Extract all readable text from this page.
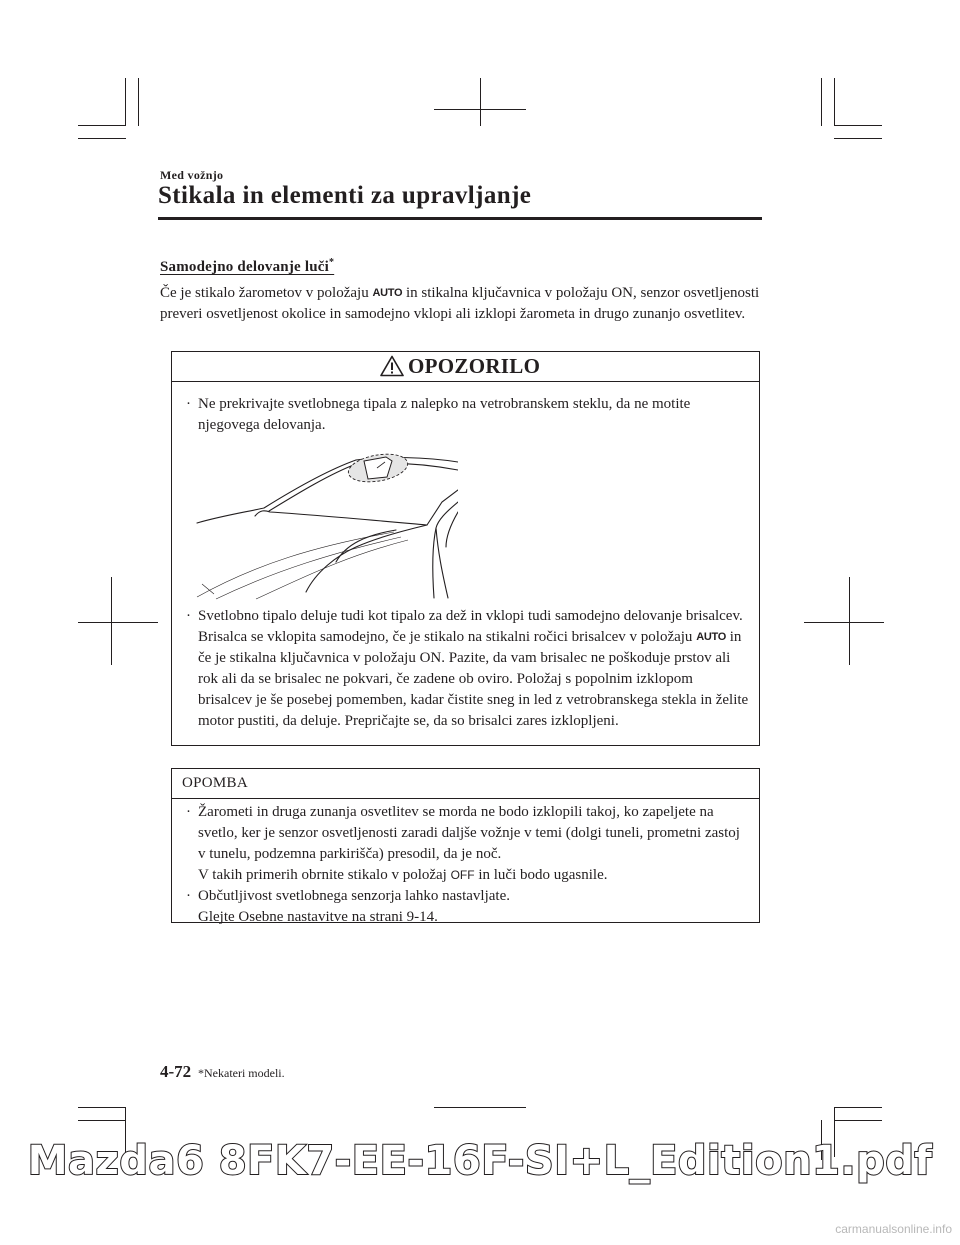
Med vožnjo
Stikala in elementi za upravljanje
Samodejno delovanje luči*
Če je stikalo žarometov v položaju AUTO in stikalna ključavnica v položaju ON, senzor osvetljenosti preveri osvetljenost okolice in samodejno vklopi ali izklopi žarometa in drugo zunanjo osvetlitev.
OPOZORILO
· Ne prekrivajte svetlobnega tipala z nalepko na vetrobranskem steklu, da ne motite njegovega delovanja.
· Svetlobno tipalo deluje tudi kot tipalo za dež in vklopi tudi samodejno delovanje brisalcev. Brisalca se vklopita samodejno, če je stikalo na stikalni ročici brisalcev v položaju AUTO in če je stikalna ključavnica v položaju ON. Pazite, da vam brisalec ne poškoduje prstov ali rok ali da se brisalec ne pokvari, če zadene ob oviro. Položaj s popolnim izklopom brisalcev je še posebej pomemben, kadar čistite sneg in led z vetrobranskega stekla in želite motor pustiti, da deluje. Prepričajte se, da so brisalci zares izklopljeni.
OPOMBA
· Žarometi in druga zunanja osvetlitev se morda ne bodo izklopili takoj, ko zapeljete na svetlo, ker je senzor osvetljenosti zaradi daljše vožnje v temi (dolgi tuneli, prometni zastoj v tunelu, podzemna parkirišča) presodil, da je noč.
V takih primerih obrnite stikalo v položaj OFF in luči bodo ugasnile.
· Občutljivost svetlobnega senzorja lahko nastavljate.
Glejte Osebne nastavitve na strani 9-14.
4-72 *Nekateri modeli.
Mazda6 8FK7-EE-16F-SI+L_Edition1.pdf
carmanualsonline.info
